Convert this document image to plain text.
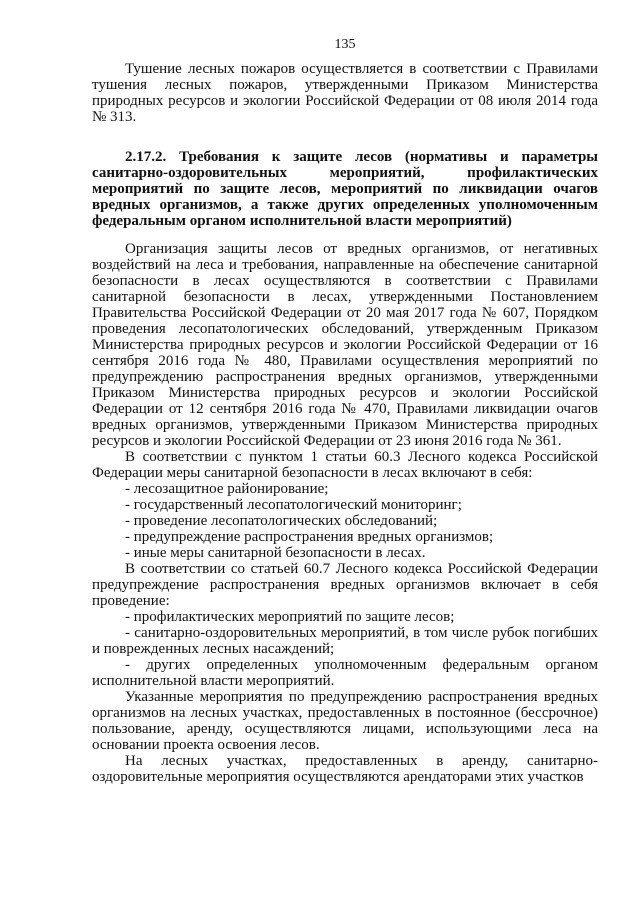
135

Тушение лесных пожаров осуществляется в соответствии с Правилами тушения лесных пожаров, утвержденными Приказом Министерства природных ресурсов и экологии Российской Федерации от 08 июля 2014 года № 313.

2.17.2. Требования к защите лесов (нормативы и параметры санитарно-оздоровительных мероприятий, профилактических мероприятий по защите лесов, мероприятий по ликвидации очагов вредных организмов, а также других определенных уполномоченным федеральным органом исполнительной власти мероприятий)

Организация защиты лесов от вредных организмов, от негативных воздействий на леса и требования, направленные на обеспечение санитарной безопасности в лесах осуществляются в соответствии с Правилами санитарной безопасности в лесах, утвержденными Постановлением Правительства Российской Федерации от 20 мая 2017 года № 607, Порядком проведения лесопатологических обследований, утвержденным Приказом Министерства природных ресурсов и экологии Российской Федерации от 16 сентября 2016 года № 480, Правилами осуществления мероприятий по предупреждению распространения вредных организмов, утвержденными Приказом Министерства природных ресурсов и экологии Российской Федерации от 12 сентября 2016 года № 470, Правилами ликвидации очагов вредных организмов, утвержденными Приказом Министерства природных ресурсов и экологии Российской Федерации от 23 июня 2016 года № 361.

В соответствии с пунктом 1 статьи 60.3 Лесного кодекса Российской Федерации меры санитарной безопасности в лесах включают в себя:

- лесозащитное районирование;

- государственный лесопатологический мониторинг;

- проведение лесопатологических обследований;

- предупреждение распространения вредных организмов;

- иные меры санитарной безопасности в лесах.

В соответствии со статьей 60.7 Лесного кодекса Российской Федерации предупреждение распространения вредных организмов включает в себя проведение:

- профилактических мероприятий по защите лесов;

- санитарно-оздоровительных мероприятий, в том числе рубок погибших и поврежденных лесных насаждений;

- других определенных уполномоченным федеральным органом исполнительной власти мероприятий.

Указанные мероприятия по предупреждению распространения вредных организмов на лесных участках, предоставленных в постоянное (бессрочное) пользование, аренду, осуществляются лицами, использующими леса на основании проекта освоения лесов.

На лесных участках, предоставленных в аренду, санитарно-оздоровительные мероприятия осуществляются арендаторами этих участков
